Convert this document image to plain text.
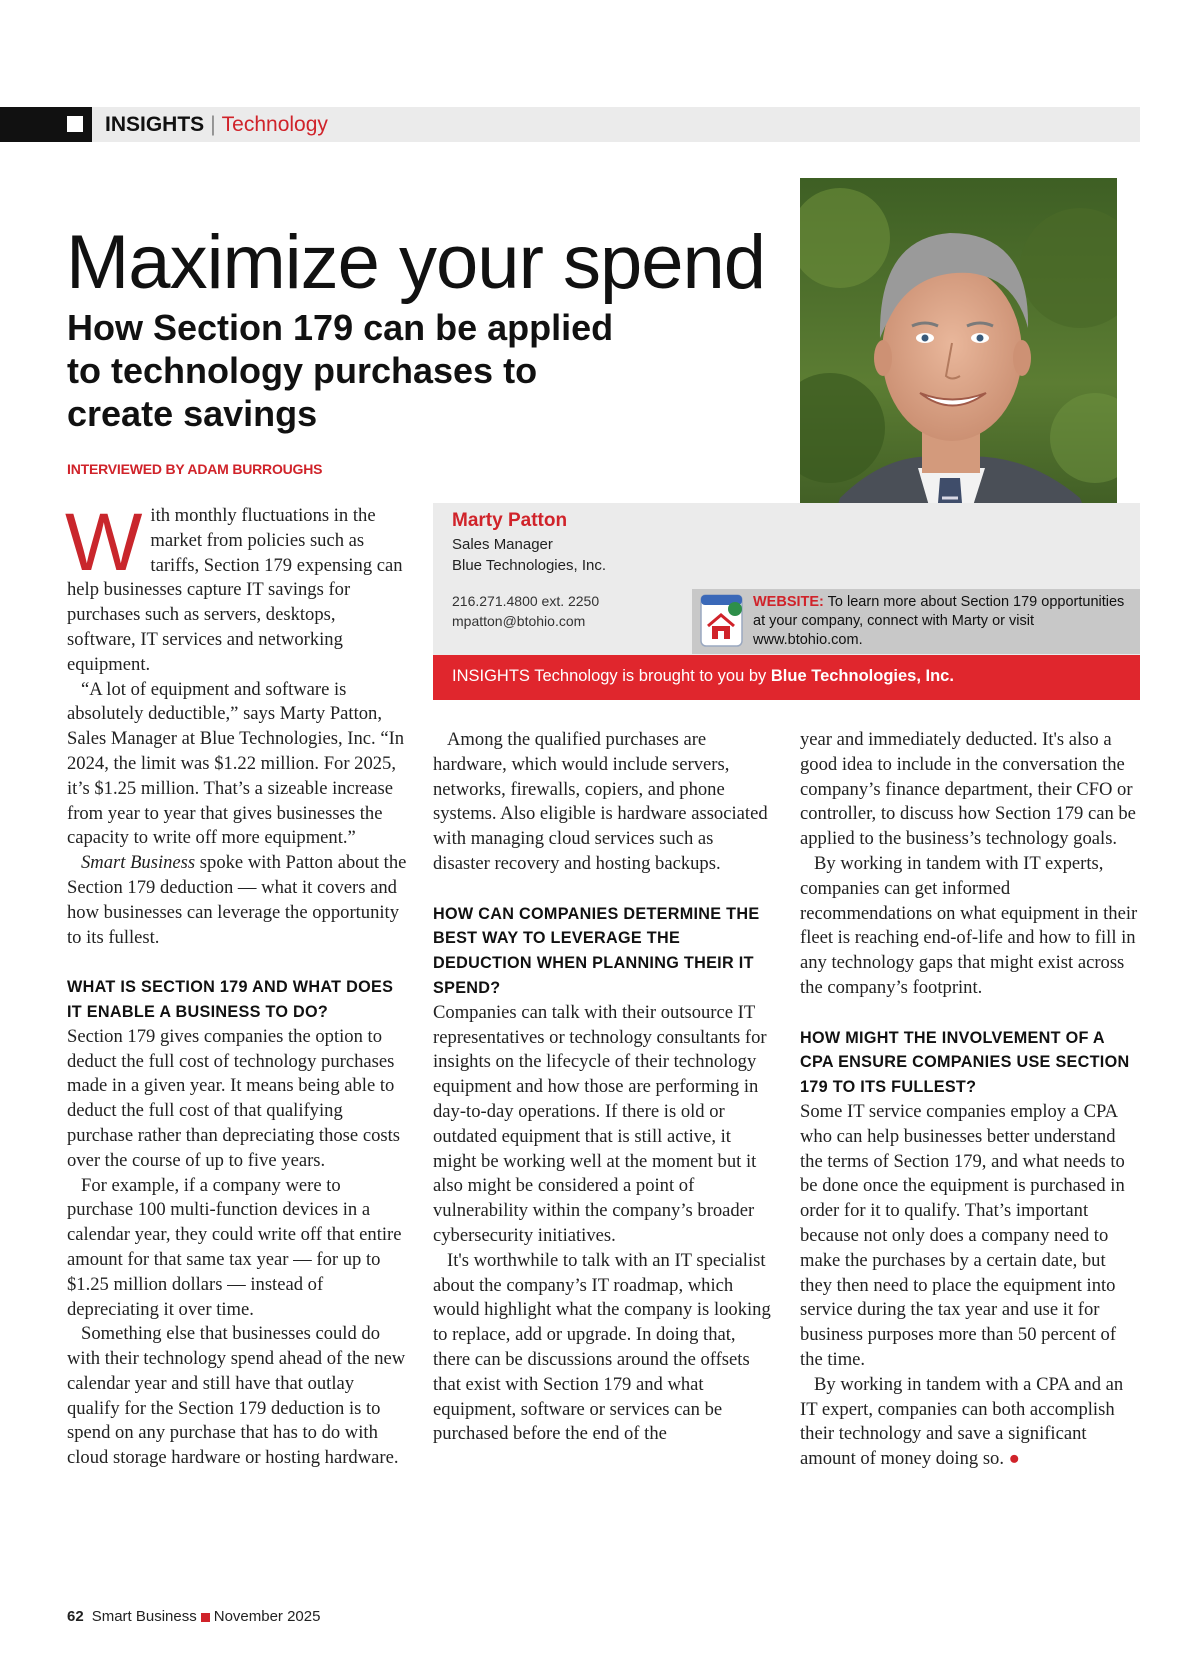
INSIGHTS | Technology
Maximize your spend
How Section 179 can be applied to technology purchases to create savings
INTERVIEWED BY ADAM BURROUGHS
Marty Patton
Sales Manager
Blue Technologies, Inc.
216.271.4800 ext. 2250
mpatton@btohio.com
WEBSITE: To learn more about Section 179 opportunities at your company, connect with Marty or visit www.btohio.com.
INSIGHTS Technology is brought to you by Blue Technologies, Inc.

With monthly fluctuations in the market from policies such as tariffs, Section 179 expensing can help businesses capture IT savings for purchases such as servers, desktops, software, IT services and networking equipment.

“A lot of equipment and software is absolutely deductible,” says Marty Patton, Sales Manager at Blue Technologies, Inc. “In 2024, the limit was $1.22 million. For 2025, it’s $1.25 million. That’s a sizeable increase from year to year that gives businesses the capacity to write off more equipment.”

Smart Business spoke with Patton about the Section 179 deduction — what it covers and how businesses can leverage the opportunity to its fullest.

WHAT IS SECTION 179 AND WHAT DOES IT ENABLE A BUSINESS TO DO?

Section 179 gives companies the option to deduct the full cost of technology purchases made in a given year. It means being able to deduct the full cost of that qualifying purchase rather than depreciating those costs over the course of up to five years.

For example, if a company were to purchase 100 multi-function devices in a calendar year, they could write off that entire amount for that same tax year — for up to $1.25 million dollars — instead of depreciating it over time.

Something else that businesses could do with their technology spend ahead of the new calendar year and still have that outlay qualify for the Section 179 deduction is to spend on any purchase that has to do with cloud storage hardware or hosting hardware.

Among the qualified purchases are hardware, which would include servers, networks, firewalls, copiers, and phone systems. Also eligible is hardware associated with managing cloud services such as disaster recovery and hosting backups.

HOW CAN COMPANIES DETERMINE THE BEST WAY TO LEVERAGE THE DEDUCTION WHEN PLANNING THEIR IT SPEND?

Companies can talk with their outsource IT representatives or technology consultants for insights on the lifecycle of their technology equipment and how those are performing in day-to-day operations. If there is old or outdated equipment that is still active, it might be working well at the moment but it also might be considered a point of vulnerability within the company’s broader cybersecurity initiatives.

It's worthwhile to talk with an IT specialist about the company’s IT roadmap, which would highlight what the company is looking to replace, add or upgrade. In doing that, there can be discussions around the offsets that exist with Section 179 and what equipment, software or services can be purchased before the end of the

year and immediately deducted. It's also a good idea to include in the conversation the company’s finance department, their CFO or controller, to discuss how Section 179 can be applied to the business’s technology goals.

By working in tandem with IT experts, companies can get informed recommendations on what equipment in their fleet is reaching end-of-life and how to fill in any technology gaps that might exist across the company’s footprint.

HOW MIGHT THE INVOLVEMENT OF A CPA ENSURE COMPANIES USE SECTION 179 TO ITS FULLEST?

Some IT service companies employ a CPA who can help businesses better understand the terms of Section 179, and what needs to be done once the equipment is purchased in order for it to qualify. That’s important because not only does a company need to make the purchases by a certain date, but they then need to place the equipment into service during the tax year and use it for business purposes more than 50 percent of the time.

By working in tandem with a CPA and an IT expert, companies can both accomplish their technology and save a significant amount of money doing so. ●

62 Smart Business November 2025
